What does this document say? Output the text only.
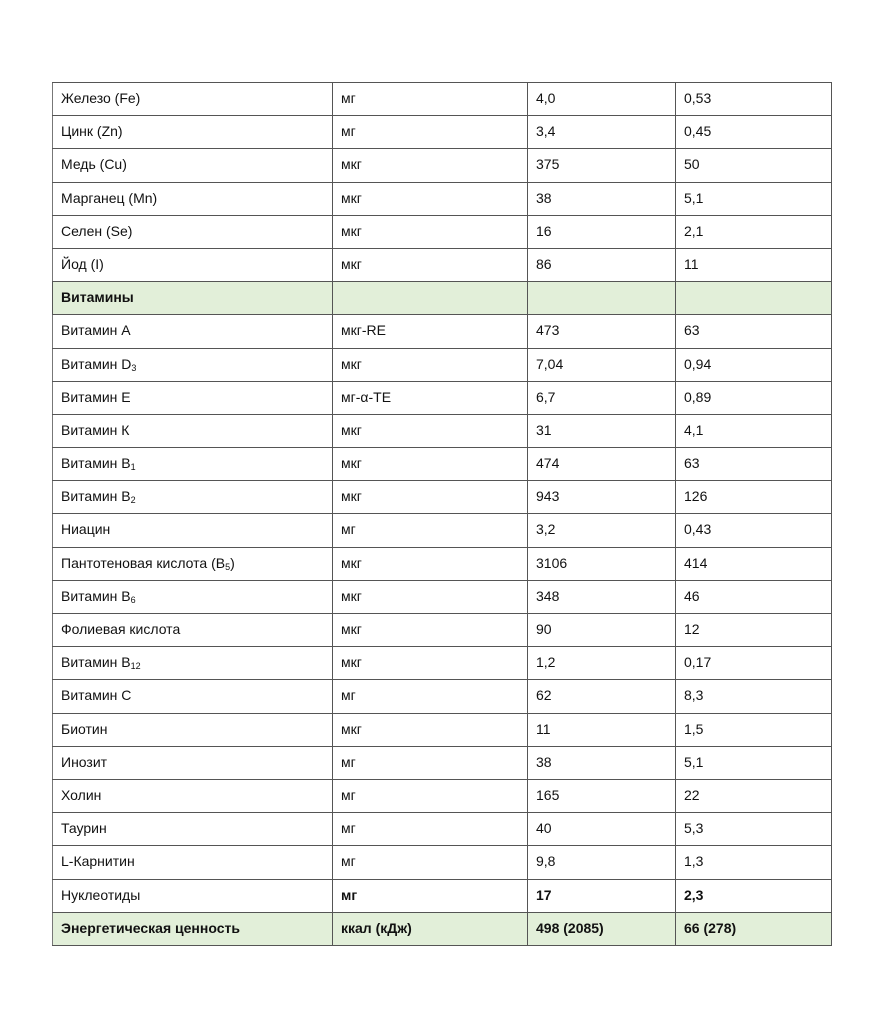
Железо (Fe)	мг	4,0	0,53
Цинк (Zn)	мг	3,4	0,45
Медь (Cu)	мкг	375	50
Марганец (Mn)	мкг	38	5,1
Селен (Se)	мкг	16	2,1
Йод (I)	мкг	86	11
Витамины			
Витамин А	мкг-RE	473	63
Витамин $D_3$	мкг	7,04	0,94
Витамин Е	мг-α-ТЕ	6,7	0,89
Витамин К	мкг	31	4,1
Витамин $В_1$	мкг	474	63
Витамин $В_2$	мкг	943	126
Ниацин	мг	3,2	0,43
Пантотеновая кислота $(В_5)$	мкг	3106	414
Витамин $В_6$	мкг	348	46
Фолиевая кислота	мкг	90	12
Витамин $В_{12}$	мкг	1,2	0,17
Витамин С	мг	62	8,3
Биотин	мкг	11	1,5
Инозит	мг	38	5,1
Холин	мг	165	22
Таурин	мг	40	5,3
L-Карнитин	мг	9,8	1,3
Нуклеотиды	мг	17	2,3
Энергетическая ценность	ккал (кДж)	498 (2085)	66 (278)
